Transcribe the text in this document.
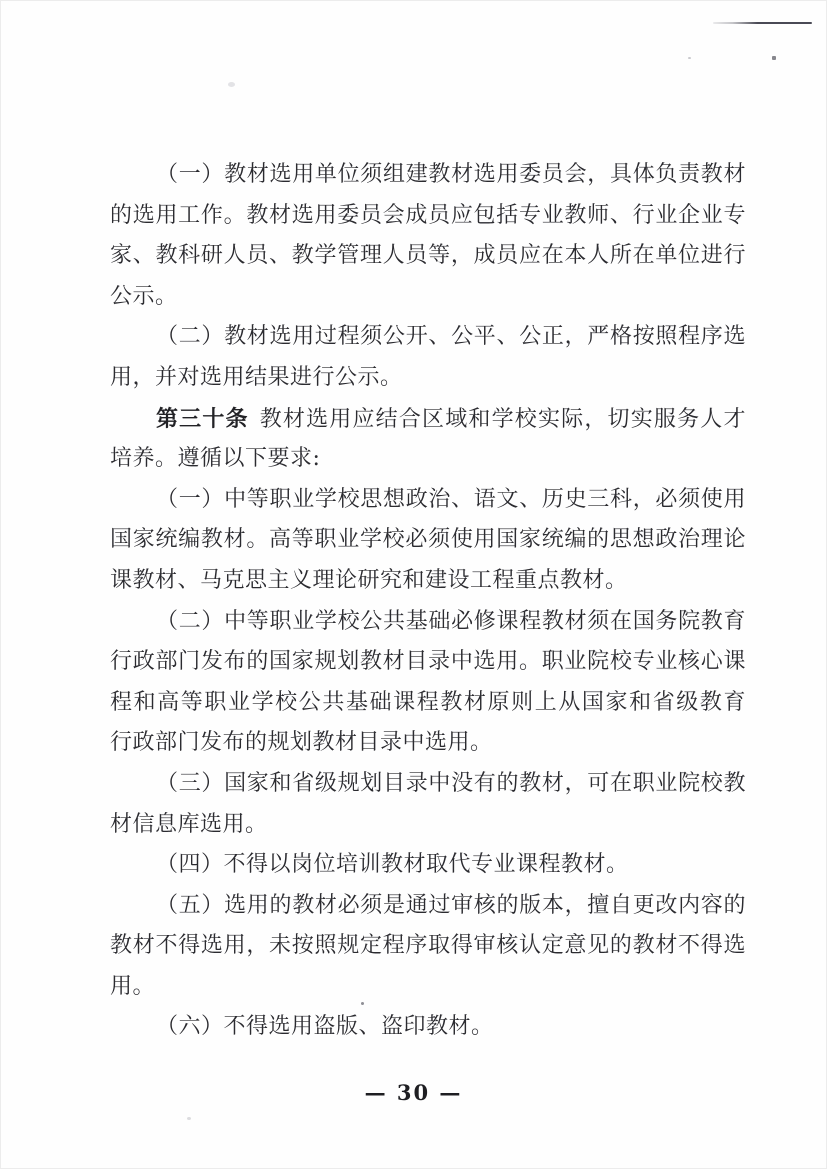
（一）教材选用单位须组建教材选用委员会，具体负责教材
的选用工作。教材选用委员会成员应包括专业教师、行业企业专
家、教科研人员、教学管理人员等，成员应在本人所在单位进行
公示。
（二）教材选用过程须公开、公平、公正，严格按照程序选
用，并对选用结果进行公示。
第三十条 教材选用应结合区域和学校实际，切实服务人才
培养。遵循以下要求:
（一）中等职业学校思想政治、语文、历史三科，必须使用
国家统编教材。高等职业学校必须使用国家统编的思想政治理论
课教材、马克思主义理论研究和建设工程重点教材。
（二）中等职业学校公共基础必修课程教材须在国务院教育
行政部门发布的国家规划教材目录中选用。职业院校专业核心课
程和高等职业学校公共基础课程教材原则上从国家和省级教育
行政部门发布的规划教材目录中选用。
（三）国家和省级规划目录中没有的教材，可在职业院校教
材信息库选用。
（四）不得以岗位培训教材取代专业课程教材。
（五）选用的教材必须是通过审核的版本，擅自更改内容的
教材不得选用，未按照规定程序取得审核认定意见的教材不得选
用。
（六）不得选用盗版、盗印教材。
— 30 —
